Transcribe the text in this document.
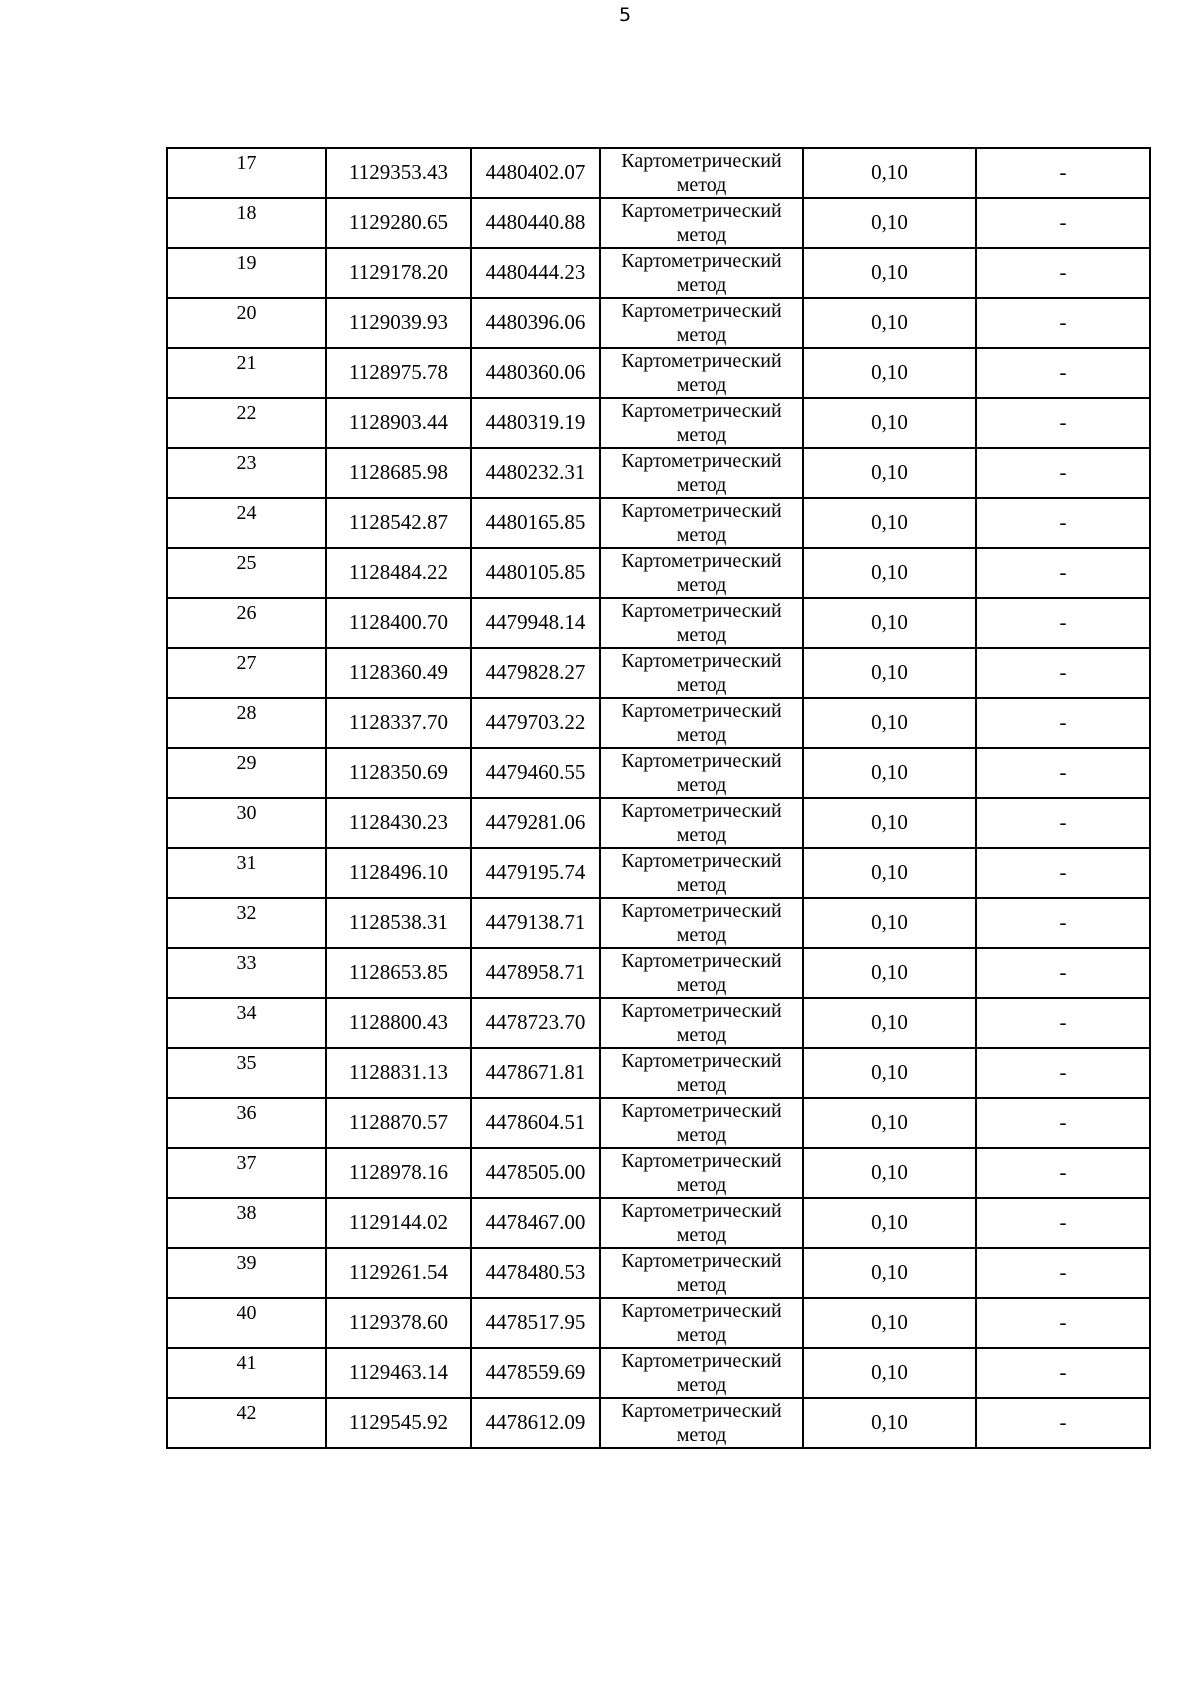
5
17	1129353.43	4480402.07	Картометрический метод	0,10	-
18	1129280.65	4480440.88	Картометрический метод	0,10	-
19	1129178.20	4480444.23	Картометрический метод	0,10	-
20	1129039.93	4480396.06	Картометрический метод	0,10	-
21	1128975.78	4480360.06	Картометрический метод	0,10	-
22	1128903.44	4480319.19	Картометрический метод	0,10	-
23	1128685.98	4480232.31	Картометрический метод	0,10	-
24	1128542.87	4480165.85	Картометрический метод	0,10	-
25	1128484.22	4480105.85	Картометрический метод	0,10	-
26	1128400.70	4479948.14	Картометрический метод	0,10	-
27	1128360.49	4479828.27	Картометрический метод	0,10	-
28	1128337.70	4479703.22	Картометрический метод	0,10	-
29	1128350.69	4479460.55	Картометрический метод	0,10	-
30	1128430.23	4479281.06	Картометрический метод	0,10	-
31	1128496.10	4479195.74	Картометрический метод	0,10	-
32	1128538.31	4479138.71	Картометрический метод	0,10	-
33	1128653.85	4478958.71	Картометрический метод	0,10	-
34	1128800.43	4478723.70	Картометрический метод	0,10	-
35	1128831.13	4478671.81	Картометрический метод	0,10	-
36	1128870.57	4478604.51	Картометрический метод	0,10	-
37	1128978.16	4478505.00	Картометрический метод	0,10	-
38	1129144.02	4478467.00	Картометрический метод	0,10	-
39	1129261.54	4478480.53	Картометрический метод	0,10	-
40	1129378.60	4478517.95	Картометрический метод	0,10	-
41	1129463.14	4478559.69	Картометрический метод	0,10	-
42	1129545.92	4478612.09	Картометрический метод	0,10	-
